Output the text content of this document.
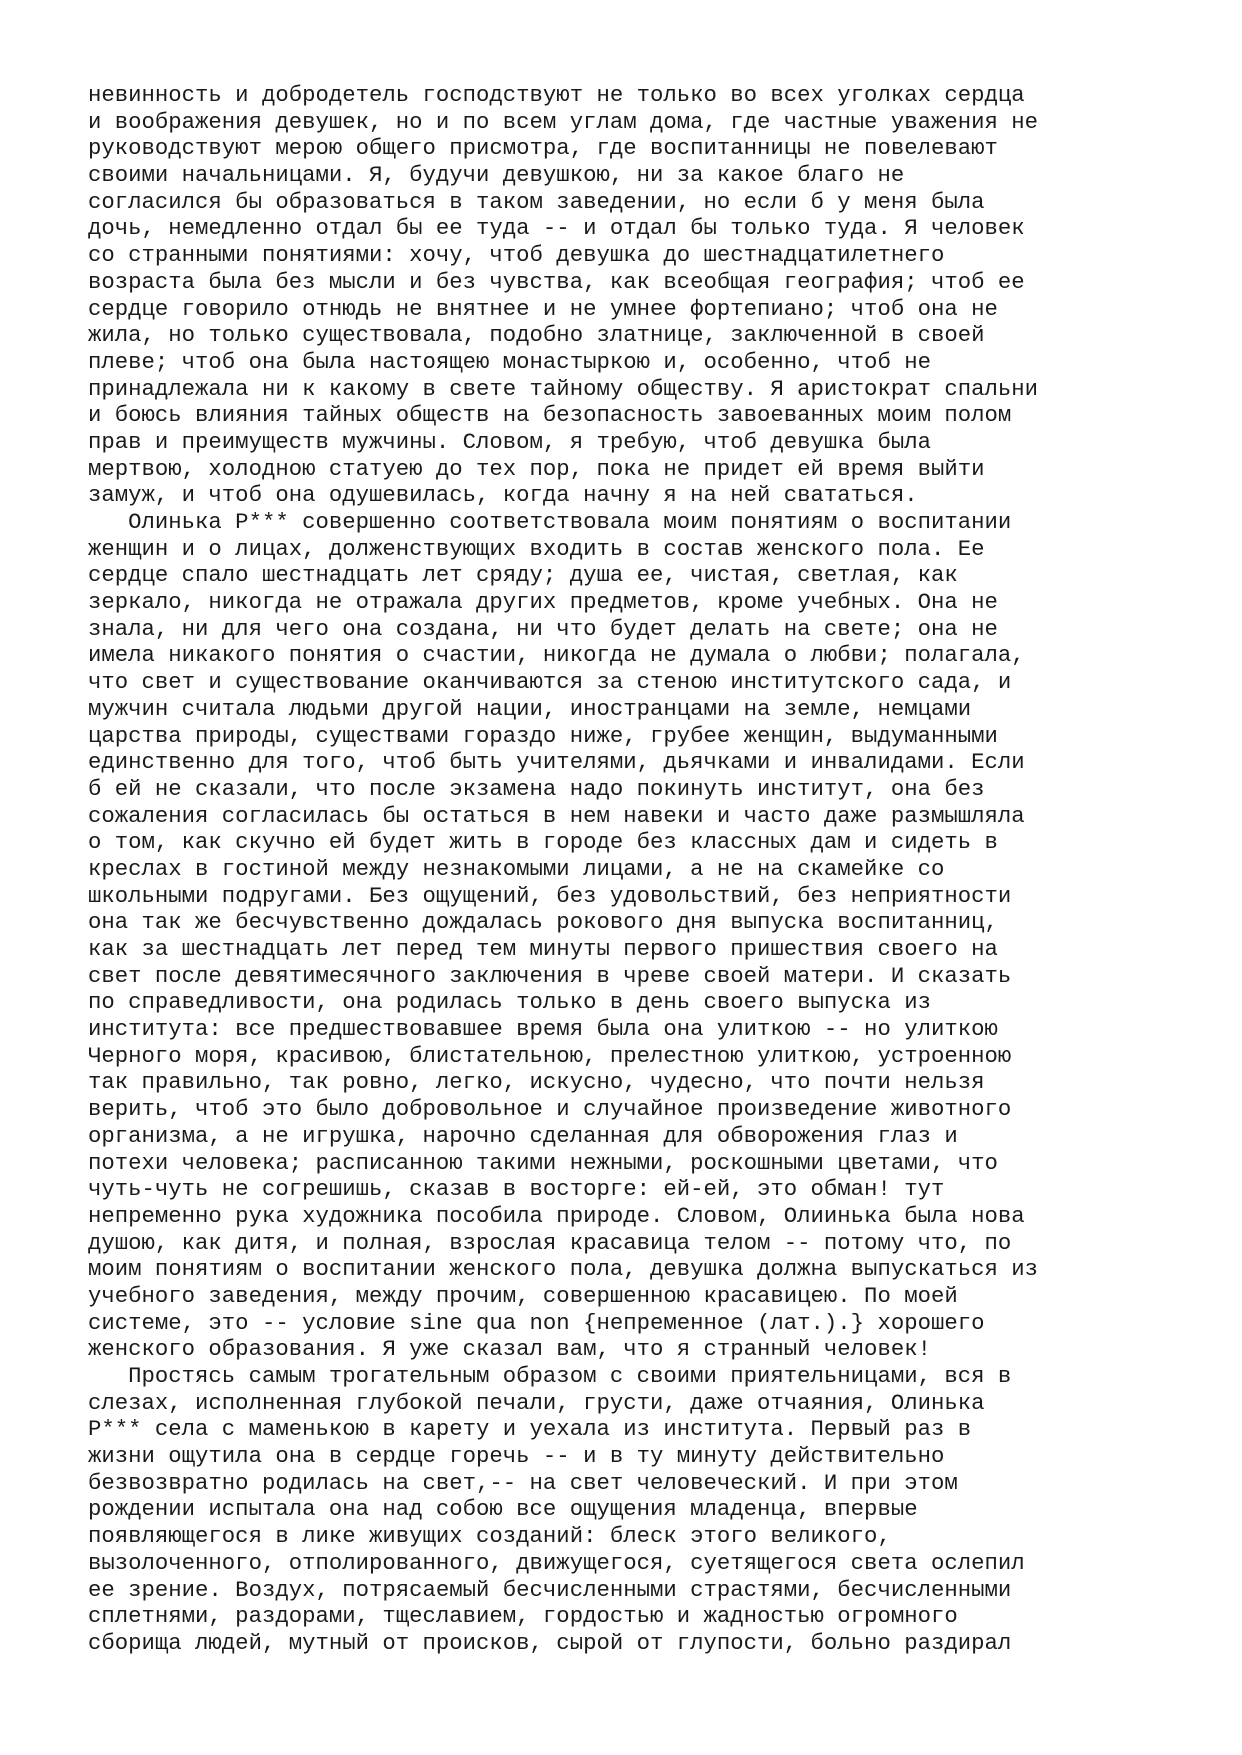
невинность и добродетель господствуют не только во всех уголках сердца
и воображения девушек, но и по всем углам дома, где частные уважения не
руководствуют мерою общего присмотра, где воспитанницы не повелевают
своими начальницами. Я, будучи девушкою, ни за какое благо не
согласился бы образоваться в таком заведении, но если б у меня была
дочь, немедленно отдал бы ее туда -- и отдал бы только туда. Я человек
со странными понятиями: хочу, чтоб девушка до шестнадцатилетнего
возраста была без мысли и без чувства, как всеобщая география; чтоб ее
сердце говорило отнюдь не внятнее и не умнее фортепиано; чтоб она не
жила, но только существовала, подобно златнице, заключенной в своей
плеве; чтоб она была настоящею монастыркою и, особенно, чтоб не
принадлежала ни к какому в свете тайному обществу. Я аристократ спальни
и боюсь влияния тайных обществ на безопасность завоеванных моим полом
прав и преимуществ мужчины. Словом, я требую, чтоб девушка была
мертвою, холодною статуею до тех пор, пока не придет ей время выйти
замуж, и чтоб она одушевилась, когда начну я на ней свататься.
Олинька Р*** совершенно соответствовала моим понятиям о воспитании
женщин и о лицах, долженствующих входить в состав женского пола. Ее
сердце спало шестнадцать лет сряду; душа ее, чистая, светлая, как
зеркало, никогда не отражала других предметов, кроме учебных. Она не
знала, ни для чего она создана, ни что будет делать на свете; она не
имела никакого понятия о счастии, никогда не думала о любви; полагала,
что свет и существование оканчиваются за стеною институтского сада, и
мужчин считала людьми другой нации, иностранцами на земле, немцами
царства природы, существами гораздо ниже, грубее женщин, выдуманными
единственно для того, чтоб быть учителями, дьячками и инвалидами. Если
б ей не сказали, что после экзамена надо покинуть институт, она без
сожаления согласилась бы остаться в нем навеки и часто даже размышляла
о том, как скучно ей будет жить в городе без классных дам и сидеть в
креслах в гостиной между незнакомыми лицами, а не на скамейке со
школьными подругами. Без ощущений, без удовольствий, без неприятности
она так же бесчувственно дождалась рокового дня выпуска воспитанниц,
как за шестнадцать лет перед тем минуты первого пришествия своего на
свет после девятимесячного заключения в чреве своей матери. И сказать
по справедливости, она родилась только в день своего выпуска из
института: все предшествовавшее время была она улиткою -- но улиткою
Черного моря, красивою, блистательною, прелестною улиткою, устроенною
так правильно, так ровно, легко, искусно, чудесно, что почти нельзя
верить, чтоб это было добровольное и случайное произведение животного
организма, а не игрушка, нарочно сделанная для обворожения глаз и
потехи человека; расписанною такими нежными, роскошными цветами, что
чуть-чуть не согрешишь, сказав в восторге: ей-ей, это обман! тут
непременно рука художника пособила природе. Словом, Олиинька была нова
душою, как дитя, и полная, взрослая красавица телом -- потому что, по
моим понятиям о воспитании женского пола, девушка должна выпускаться из
учебного заведения, между прочим, совершенною красавицею. По моей
системе, это -- условие sine qua non {непременное (лат.).} хорошего
женского образования. Я уже сказал вам, что я странный человек!
Простясь самым трогательным образом с своими приятельницами, вся в
слезах, исполненная глубокой печали, грусти, даже отчаяния, Олинька
Р*** села с маменькою в карету и уехала из института. Первый раз в
жизни ощутила она в сердце горечь -- и в ту минуту действительно
безвозвратно родилась на свет,-- на свет человеческий. И при этом
рождении испытала она над собою все ощущения младенца, впервые
появляющегося в лике живущих созданий: блеск этого великого,
вызолоченного, отполированного, движущегося, суетящегося света ослепил
ее зрение. Воздух, потрясаемый бесчисленными страстями, бесчисленными
сплетнями, раздорами, тщеславием, гордостью и жадностью огромного
сборища людей, мутный от происков, сырой от глупости, больно раздирал
